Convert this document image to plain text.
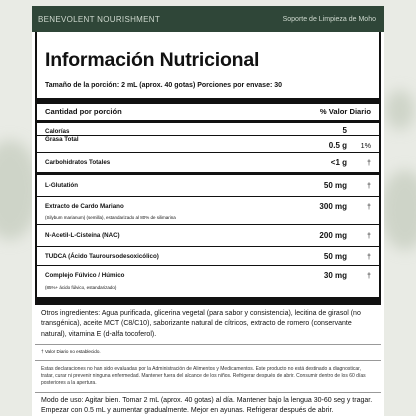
BENEVOLENT NOURISHMENT	Soporte de Limpieza de Moho
Información Nutricional
Tamaño de la porción: 2 mL (aprox. 40 gotas) Porciones por envase: 30
Cantidad por porción	% Valor Diario
Calorías	5
Grasa Total
0.5 g	1%
Carbohidratos Totales	<1 g	†
L-Glutatión	50 mg	†
Extracto de Cardo Mariano	300 mg	†
(Silybum marianum) (semilla), estandarizado al 80% de silimarina
N-Acetil-L-Cisteína (NAC)	200 mg	†
TUDCA (Ácido Tauroursodesoxicólico)	50 mg	†
Complejo Fúlvico / Húmico	30 mg	†
(85%+ ácido fúlvico, estandarizado)
Otros ingredientes: Agua purificada, glicerina vegetal (para sabor y consistencia), lecitina de girasol (no transgénica), aceite MCT (C8/C10), saborizante natural de cítricos, extracto de romero (conservante natural), vitamina E (d-alfa tocoferol).
† Valor Diario no establecido.
Estas declaraciones no han sido evaluadas por la Administración de Alimentos y Medicamentos. Este producto no está destinado a diagnosticar, tratar, curar ni prevenir ninguna enfermedad. Mantener fuera del alcance de los niños. Refrigerar después de abrir. Consumir dentro de los 60 días posteriores a la apertura.
Modo de uso: Agitar bien. Tomar 2 mL (aprox. 40 gotas) al día. Mantener bajo la lengua 30-60 seg y tragar. Empezar con 0.5 mL y aumentar gradualmente. Mejor en ayunas. Refrigerar después de abrir.
